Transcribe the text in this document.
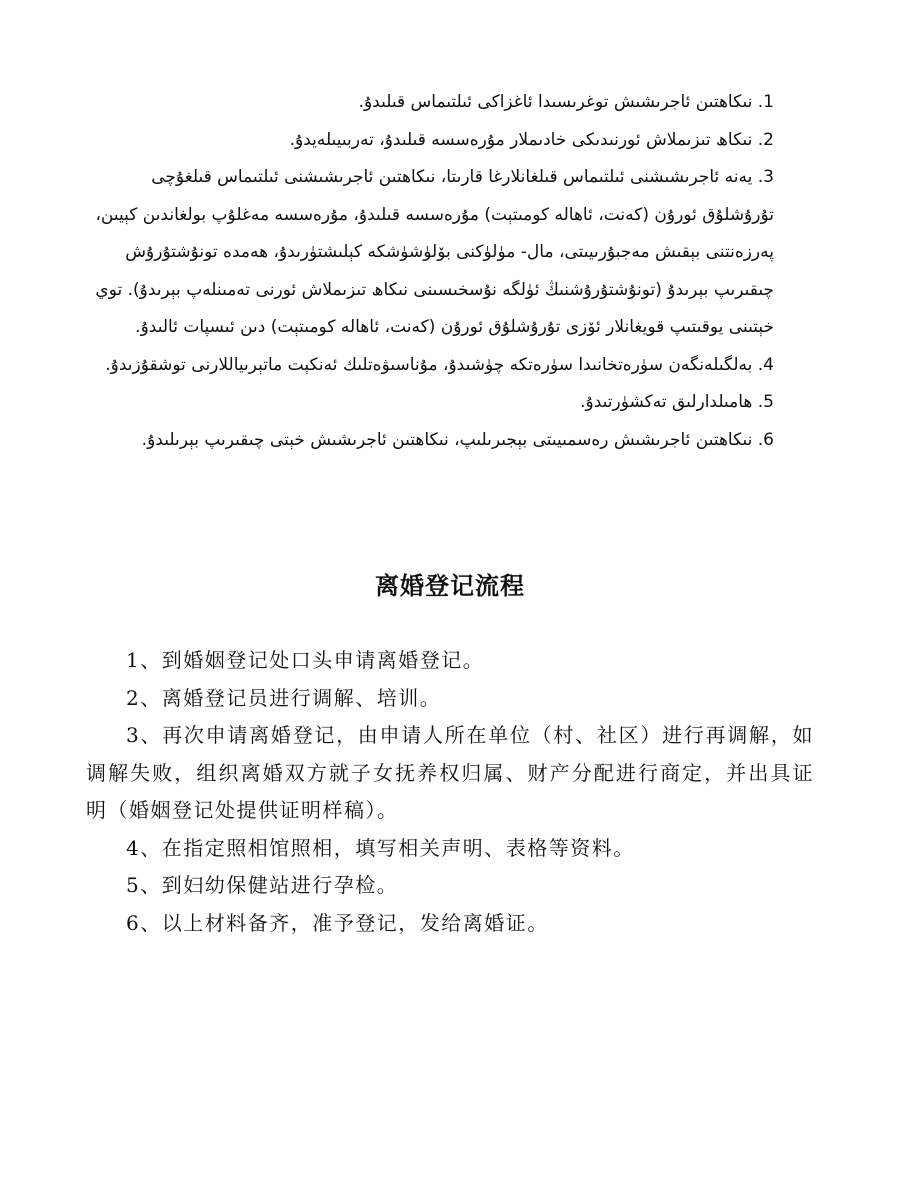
1. نىكاھتىن ئاجرىشىش توغرىسىدا ئاغزاكى ئىلتىماس قىلىدۇ.

2. نىكاھ تىزىملاش ئورنىدىكى خادىملار مۇرەسسە قىلىدۇ، تەربىيىلەيدۇ.

3. يەنە ئاجرىشىشنى ئىلتىماس قىلغانلارغا قارىتا، نىكاھتىن ئاجرىشىشنى ئىلتىماس قىلغۇچى تۇرۇشلۇق ئورۇن (كەنت، ئاھالە كومىتېت) مۇرەسسە قىلىدۇ، مۇرەسسە مەغلۇپ بولغاندىن كېيىن، پەرزەنتنى بېقىش مەجبۇرىيىتى، مال- مۈلۈكنى بۆلۈشۈشكە كېلىشتۈرىدۇ، ھەمدە تونۇشتۇرۇش چىقىرىپ بېرىدۇ (تونۇشتۇرۇشنىڭ ئۈلگە نۇسخىسىنى نىكاھ تىزىملاش ئورنى تەمىنلەپ بېرىدۇ). توي خېتىنى يوقىتىپ قويغانلار ئۆزى تۇرۇشلۇق ئورۇن (كەنت، ئاھالە كومىتېت) دىن ئىسپات ئالىدۇ.

4. بەلگىلەنگەن سۈرەتخانىدا سۈرەتكە چۈشىدۇ، مۇناسىۋەتلىك ئەنكېت ماتېرىياللارنى توشقۇزىدۇ.

5. ھامىلدارلىق تەكشۈرتىدۇ.

6. نىكاھتىن ئاجرىشىش رەسمىيىتى بېجىرىلىپ، نىكاھتىن ئاجرىشىش خېتى چىقىرىپ بېرىلىدۇ.

离婚登记流程

1、到婚姻登记处口头申请离婚登记。

2、离婚登记员进行调解、培训。

3、再次申请离婚登记，由申请人所在单位（村、社区）进行再调解，如调解失败，组织离婚双方就子女抚养权归属、财产分配进行商定，并出具证明（婚姻登记处提供证明样稿）。

4、在指定照相馆照相，填写相关声明、表格等资料。

5、到妇幼保健站进行孕检。

6、以上材料备齐，准予登记，发给离婚证。
